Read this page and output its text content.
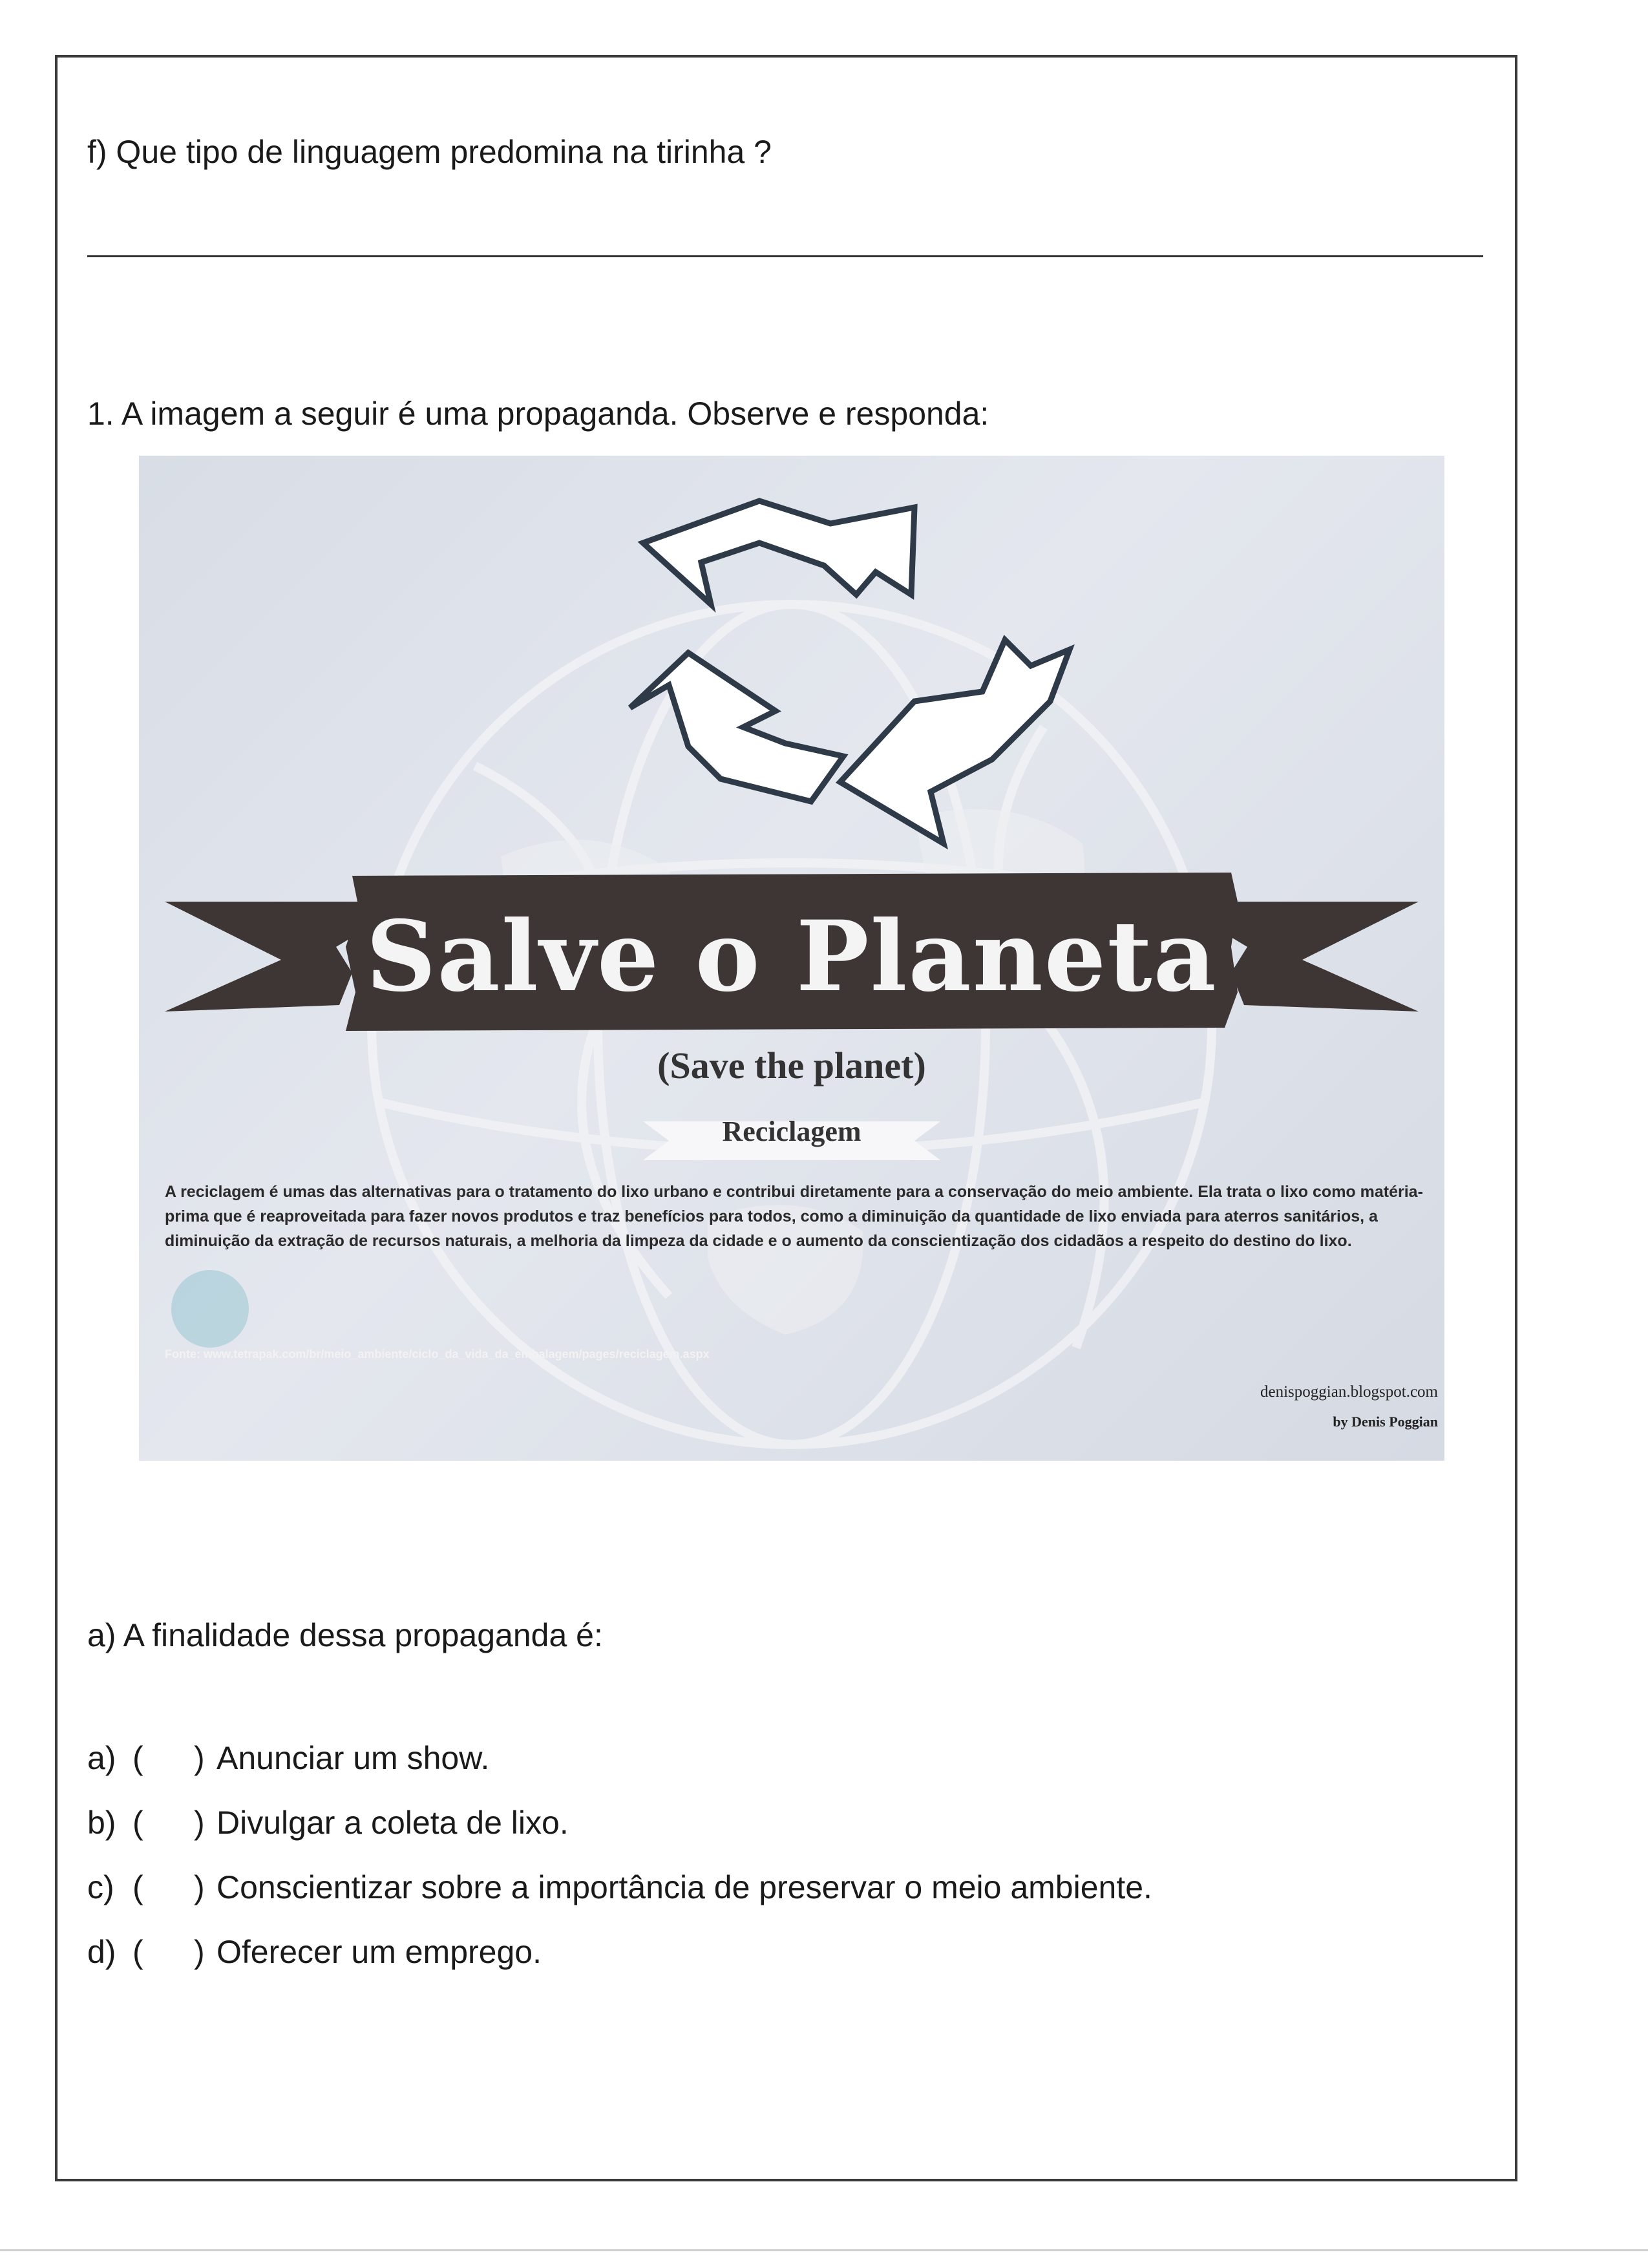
f) Que tipo de linguagem predomina na tirinha ?
1. A imagem a seguir é uma propaganda. Observe e responda:
Salve o Planeta
(Save the planet)
Reciclagem
A reciclagem é umas das alternativas para o tratamento do lixo urbano e contribui diretamente para a conservação do meio ambiente. Ela trata o lixo como matéria-prima que é reaproveitada para fazer novos produtos e traz benefícios para todos, como a diminuição da quantidade de lixo enviada para aterros sanitários, a diminuição da extração de recursos naturais, a melhoria da limpeza da cidade e o aumento da conscientização dos cidadãos a respeito do destino do lixo.
Fonte: www.tetrapak.com/br/meio_ambiente/ciclo_da_vida_da_embalagem/pages/reciclagem.aspx
denispoggian.blogspot.com
by Denis Poggian
a) A finalidade dessa propaganda é:
a) ( ) Anunciar um show.
b) ( ) Divulgar a coleta de lixo.
c) ( ) Conscientizar sobre a importância de preservar o meio ambiente.
d) ( ) Oferecer um emprego.
